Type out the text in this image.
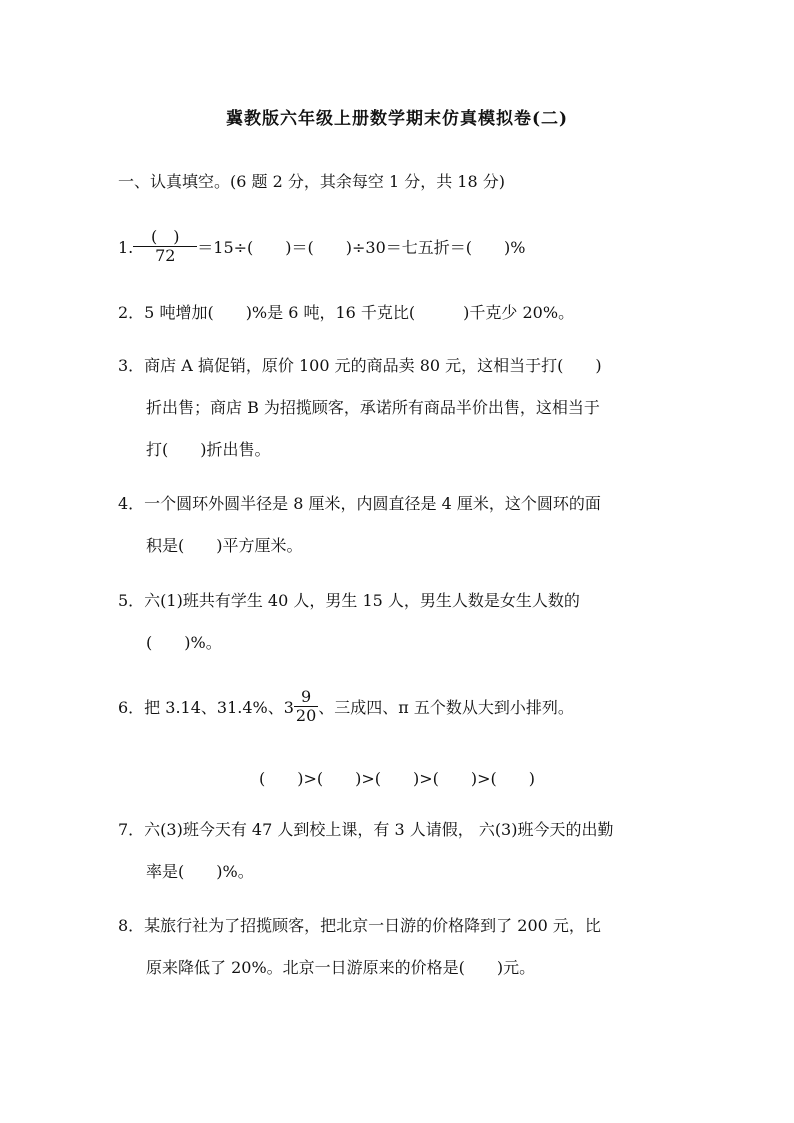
冀教版六年级上册数学期末仿真模拟卷(二)
一、认真填空。(6 题 2 分，其余每空 1 分，共 18 分)
1. $\frac{( )}{72} =15\div$(　　)＝(　　)÷30＝七五折＝(　　)%
2．5 吨增加(　　)%是 6 吨，16 千克比(　　　)千克少 20%。
3．商店 A 搞促销，原价 100 元的商品卖 80 元，这相当于打(　　)
折出售；商店 B 为招揽顾客，承诺所有商品半价出售，这相当于
打(　　)折出售。
4．一个圆环外圆半径是 8 厘米，内圆直径是 4 厘米，这个圆环的面
积是(　　)平方厘米。
5．六(1)班共有学生 40 人，男生 15 人，男生人数是女生人数的
(　　)%。
6．把 3.14、31.4%、$3 \frac{9}{20}$ 、三成四、π 五个数从大到小排列。
(　　)>(　　)>(　　)>(　　)>(　　)
7．六(3)班今天有 47 人到校上课，有 3 人请假， 六(3)班今天的出勤
率是(　　)%。
8．某旅行社为了招揽顾客，把北京一日游的价格降到了 200 元，比
原来降低了 20%。北京一日游原来的价格是(　　)元。
